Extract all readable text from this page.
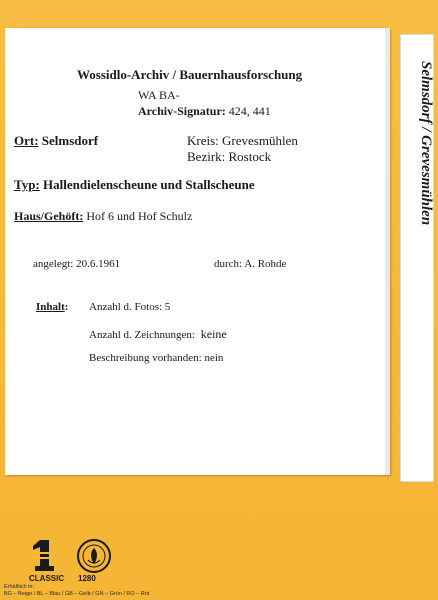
Wossidlo-Archiv / Bauernhausforschung
WA BA-
Archiv-Signatur: 424, 441
Ort: Selmsdorf	Kreis: Grevesmühlen
Bezirk: Rostock
Typ: Hallendielenscheune und Stallscheune
Haus/Gehöft: Hof 6 und Hof Schulz
angelegt: 20.6.1961	durch: A. Rohde
Inhalt: Anzahl d. Fotos: 5
Anzahl d. Zeichnungen: keine
Beschreibung vorhanden: nein
Selmsdorf / Grevesmühlen
CLASSIC 1280
Erhältlich in:
BG – Beige / BL – Blau / GB – Gelb / GN – Grün / RO – Rot
